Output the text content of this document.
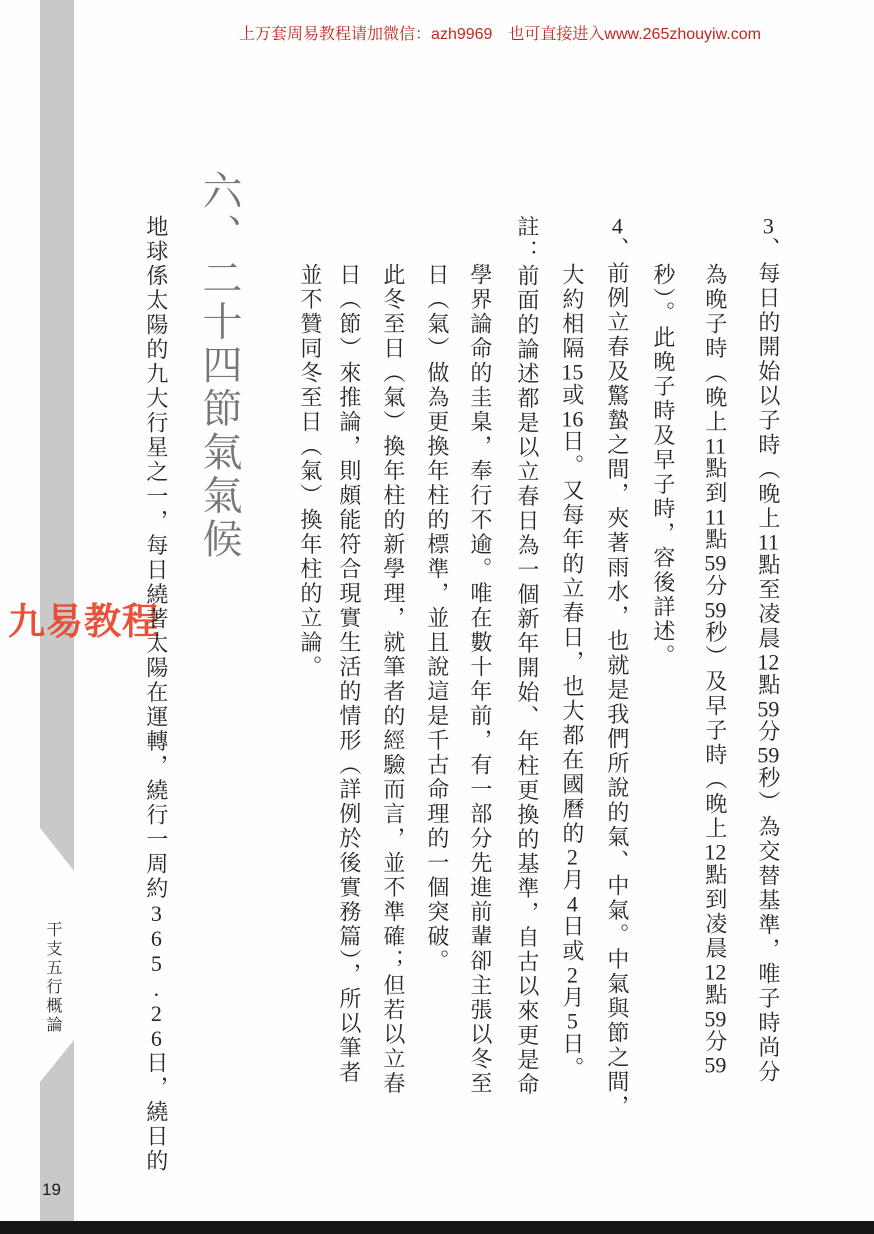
上万套周易教程请加微信：azh9969　也可直接进入www.265zhouyiw.com
九易教程
六、二十四節氣氣候	3、每日的開始以子時（晚上11點至凌晨12點59分59秒）為交替基準，唯子時尚分
為晚子時（晚上11點到11點59分59秒）及早子時（晚上12點到凌晨12點59分59
秒）。此晚子時及早子時，容後詳述。
4、前例立春及驚蟄之間，夾著雨水，也就是我們所說的氣、中氣。中氣與節之間，
大約相隔15或16日。又每年的立春日，也大都在國曆的2月4日或2月5日。
註：前面的論述都是以立春日為一個新年開始、年柱更換的基準，自古以來更是命
學界論命的圭臬，奉行不逾。唯在數十年前，有一部分先進前輩卻主張以冬至
日（氣）做為更換年柱的標準，並且說這是千古命理的一個突破。
此冬至日（氣）換年柱的新學理，就筆者的經驗而言，並不準確；但若以立春
日（節）來推論，則頗能符合現實生活的情形（詳例於後實務篇），所以筆者
並不贊同冬至日（氣）換年柱的立論。
地球係太陽的九大行星之一，每日繞著太陽在運轉，繞行一周約365.26日，繞日的
干支五行概論
19
